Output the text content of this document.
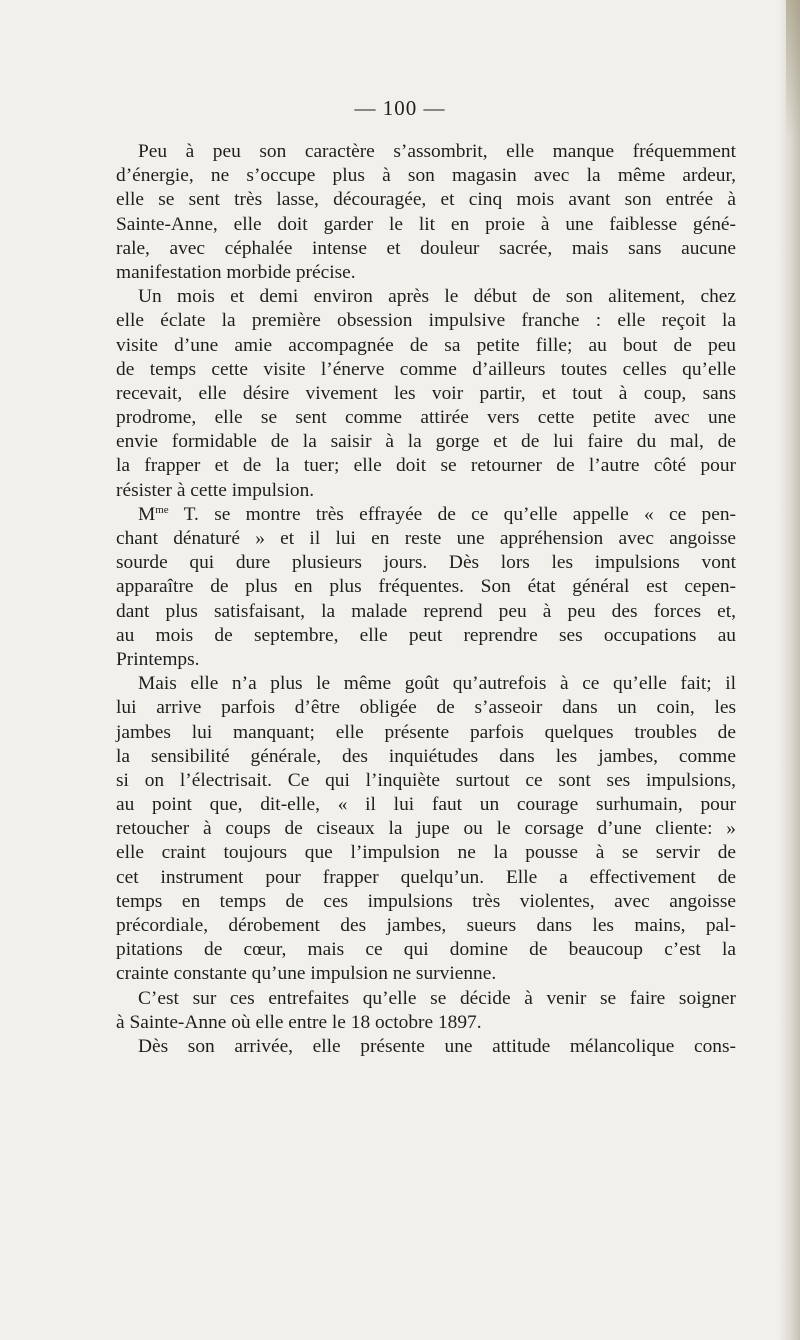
— 100 —
Peu à peu son caractère s’assombrit, elle manque fréquemment
d’énergie, ne s’occupe plus à son magasin avec la même ardeur,
elle se sent très lasse, découragée, et cinq mois avant son entrée à
Sainte-Anne, elle doit garder le lit en proie à une faiblesse géné-
rale, avec céphalée intense et douleur sacrée, mais sans aucune
manifestation morbide précise.
Un mois et demi environ après le début de son alitement, chez
elle éclate la première obsession impulsive franche : elle reçoit la
visite d’une amie accompagnée de sa petite fille; au bout de peu
de temps cette visite l’énerve comme d’ailleurs toutes celles qu’elle
recevait, elle désire vivement les voir partir, et tout à coup, sans
prodrome, elle se sent comme attirée vers cette petite avec une
envie formidable de la saisir à la gorge et de lui faire du mal, de
la frapper et de la tuer; elle doit se retourner de l’autre côté pour
résister à cette impulsion.
$M^{me}$ T. se montre très effrayée de ce qu’elle appelle « ce pen-
chant dénaturé » et il lui en reste une appréhension avec angoisse
sourde qui dure plusieurs jours. Dès lors les impulsions vont
apparaître de plus en plus fréquentes. Son état général est cepen-
dant plus satisfaisant, la malade reprend peu à peu des forces et,
au mois de septembre, elle peut reprendre ses occupations au
Printemps.
Mais elle n’a plus le même goût qu’autrefois à ce qu’elle fait; il
lui arrive parfois d’être obligée de s’asseoir dans un coin, les
jambes lui manquant; elle présente parfois quelques troubles de
la sensibilité générale, des inquiétudes dans les jambes, comme
si on l’électrisait. Ce qui l’inquiète surtout ce sont ses impulsions,
au point que, dit-elle, « il lui faut un courage surhumain, pour
retoucher à coups de ciseaux la jupe ou le corsage d’une cliente: »
elle craint toujours que l’impulsion ne la pousse à se servir de
cet instrument pour frapper quelqu’un. Elle a effectivement de
temps en temps de ces impulsions très violentes, avec angoisse
précordiale, dérobement des jambes, sueurs dans les mains, pal-
pitations de cœur, mais ce qui domine de beaucoup c’est la
crainte constante qu’une impulsion ne survienne.
C’est sur ces entrefaites qu’elle se décide à venir se faire soigner
à Sainte-Anne où elle entre le 18 octobre 1897.
Dès son arrivée, elle présente une attitude mélancolique cons-
